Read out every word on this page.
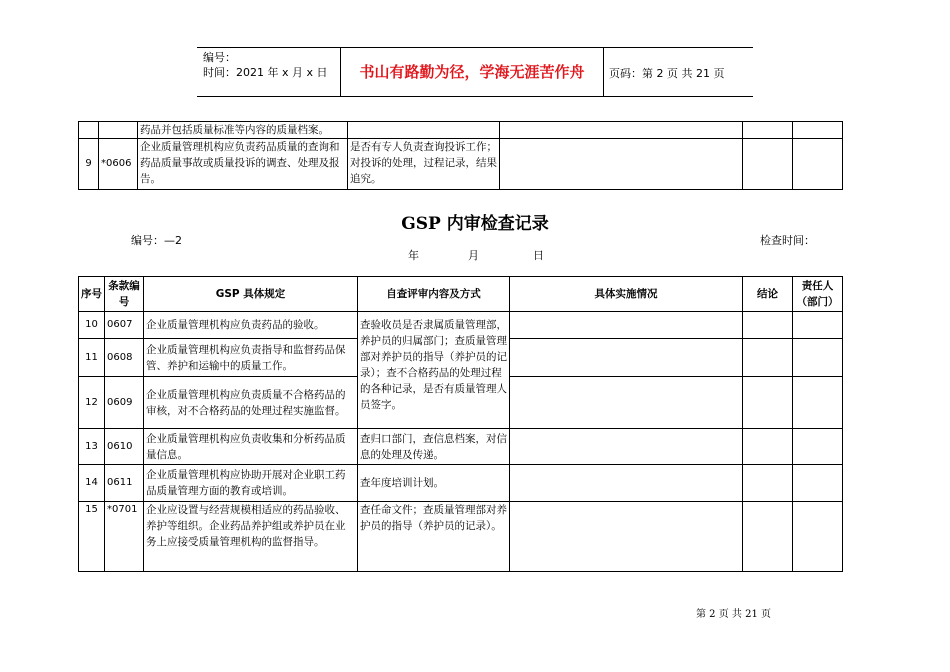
编号：
时间：2021 年 x 月 x 日	书山有路勤为径，学海无涯苦作舟	页码：第 2 页 共 21 页
		药品并包括质量标准等内容的质量档案。				
9	*0606	企业质量管理机构应负责药品质量的查询和药品质量事故或质量投诉的调查、处理及报告。	是否有专人负责查询投诉工作；对投诉的处理，过程记录，结果追究。			
GSP 内审检查记录
编号：—2	检查时间：
年	月	日
序号	条款编号	GSP 具体规定	自查评审内容及方式	具体实施情况	结论	责任人（部门）
10	0607	企业质量管理机构应负责药品的验收。	查验收员是否隶属质量管理部，养护员的归属部门；查质量管理部对养护员的指导（养护员的记录）；查不合格药品的处理过程的各种记录，是否有质量管理人员签字。			
11	0608	企业质量管理机构应负责指导和监督药品保管、养护和运输中的质量工作。				
12	0609	企业质量管理机构应负责质量不合格药品的审核，对不合格药品的处理过程实施监督。				
13	0610	企业质量管理机构应负责收集和分析药品质量信息。	查归口部门，查信息档案，对信息的处理及传递。			
14	0611	企业质量管理机构应协助开展对企业职工药品质量管理方面的教育或培训。	查年度培训计划。			
15	*0701	企业应设置与经营规模相适应的药品验收、养护等组织。企业药品养护组或养护员在业务上应接受质量管理机构的监督指导。	查任命文件；查质量管理部对养护员的指导（养护员的记录）。			
第 2 页 共 21 页
